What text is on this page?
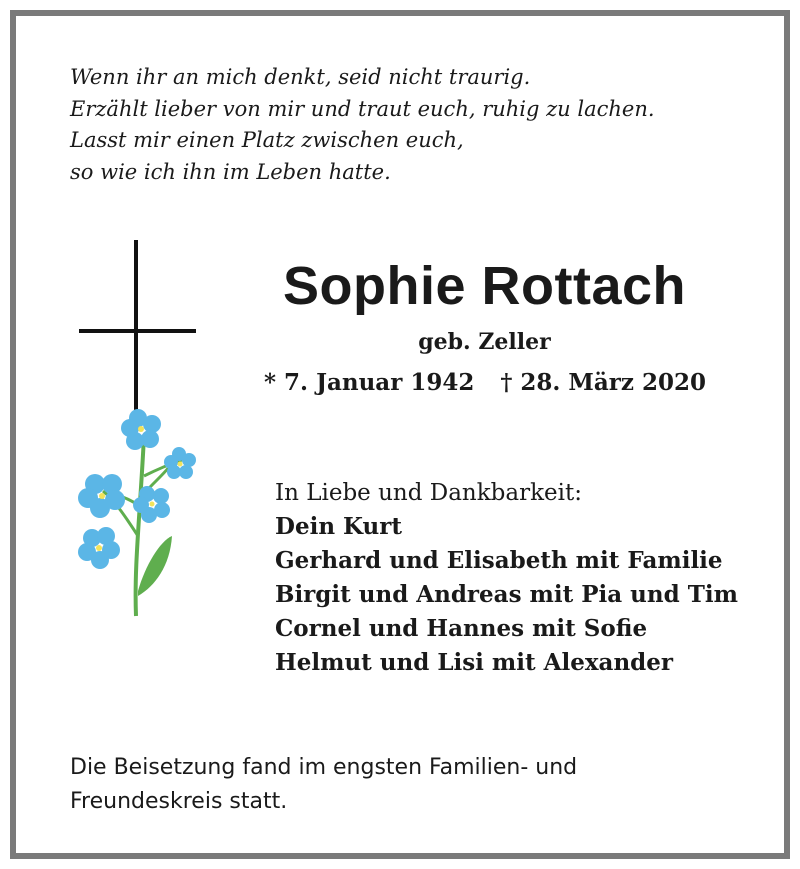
Wenn ihr an mich denkt, seid nicht traurig.
Erzählt lieber von mir und traut euch, ruhig zu lachen.
Lasst mir einen Platz zwischen euch,
so wie ich ihn im Leben hatte.
Sophie Rottach
geb. Zeller
* 7. Januar 1942 † 28. März 2020
In Liebe und Dankbarkeit:
Dein Kurt
Gerhard und Elisabeth mit Familie
Birgit und Andreas mit Pia und Tim
Cornel und Hannes mit Sofie
Helmut und Lisi mit Alexander
Die Beisetzung fand im engsten Familien- und
Freundeskreis statt.
